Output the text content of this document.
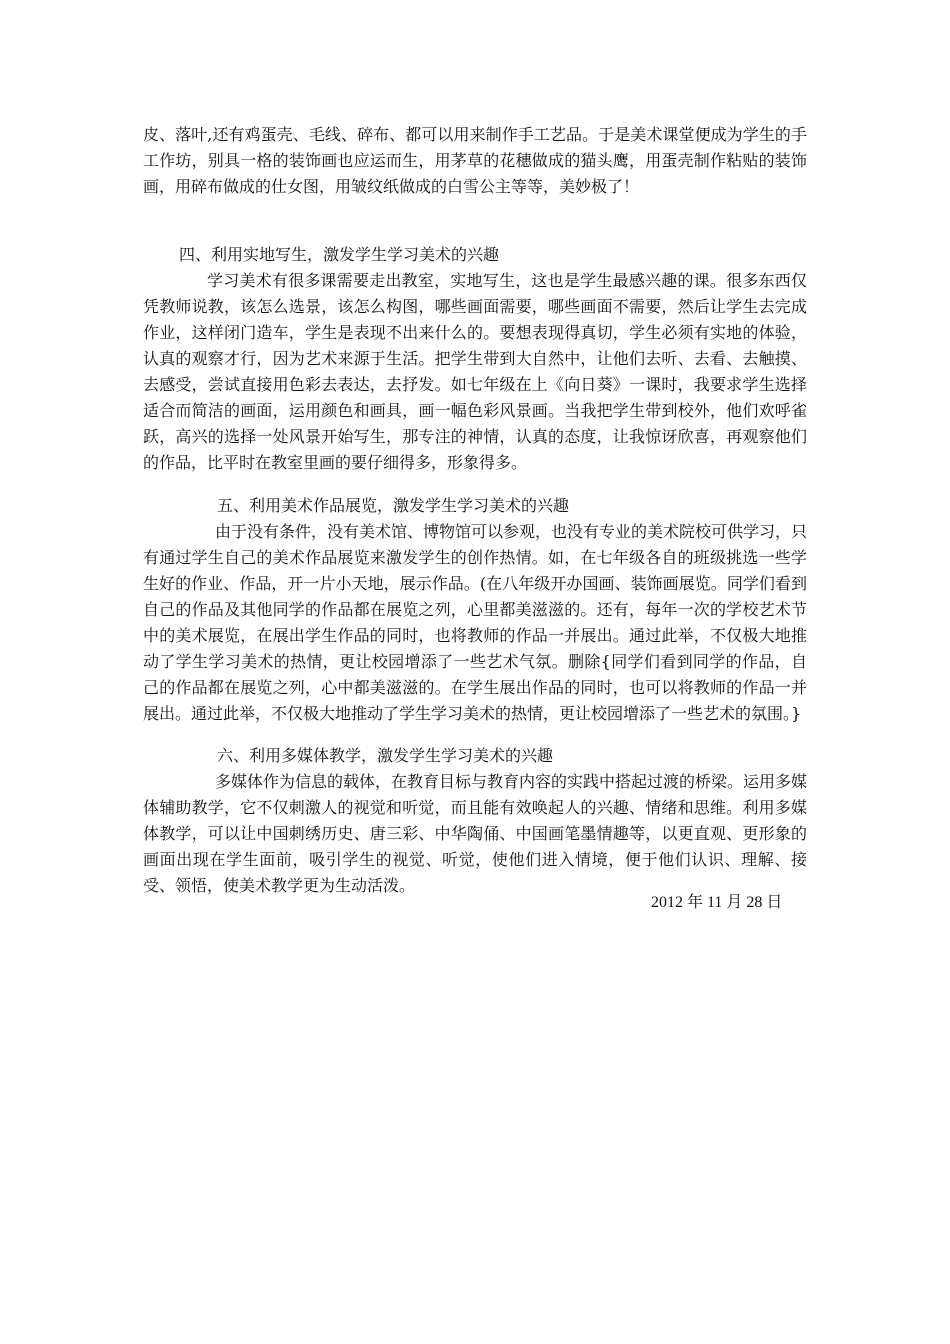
皮、落叶,还有鸡蛋壳、毛线、碎布、都可以用来制作手工艺品。于是美术课堂便成为学生的手工作坊，别具一格的装饰画也应运而生，用茅草的花穗做成的猫头鹰，用蛋壳制作粘贴的装饰画，用碎布做成的仕女图，用皱纹纸做成的白雪公主等等，美妙极了！

四、利用实地写生，激发学生学习美术的兴趣

学习美术有很多课需要走出教室，实地写生，这也是学生最感兴趣的课。很多东西仅凭教师说教，该怎么选景，该怎么构图，哪些画面需要，哪些画面不需要，然后让学生去完成作业，这样闭门造车，学生是表现不出来什么的。要想表现得真切，学生必须有实地的体验，认真的观察才行，因为艺术来源于生活。把学生带到大自然中，让他们去听、去看、去触摸、去感受，尝试直接用色彩去表达，去抒发。如七年级在上《向日葵》一课时，我要求学生选择适合而简洁的画面，运用颜色和画具，画一幅色彩风景画。当我把学生带到校外，他们欢呼雀跃，高兴的选择一处风景开始写生，那专注的神情，认真的态度，让我惊讶欣喜，再观察他们的作品，比平时在教室里画的要仔细得多，形象得多。

五、利用美术作品展览，激发学生学习美术的兴趣

由于没有条件，没有美术馆、博物馆可以参观，也没有专业的美术院校可供学习，只有通过学生自己的美术作品展览来激发学生的创作热情。如，在七年级各自的班级挑选一些学生好的作业、作品，开一片小天地，展示作品。(在八年级开办国画、装饰画展览。同学们看到自己的作品及其他同学的作品都在展览之列，心里都美滋滋的。还有，每年一次的学校艺术节中的美术展览，在展出学生作品的同时，也将教师的作品一并展出。通过此举，不仅极大地推动了学生学习美术的热情，更让校园增添了一些艺术气氛。删除{同学们看到同学的作品，自己的作品都在展览之列，心中都美滋滋的。在学生展出作品的同时，也可以将教师的作品一并展出。通过此举，不仅极大地推动了学生学习美术的热情，更让校园增添了一些艺术的氛围。}

六、利用多媒体教学，激发学生学习美术的兴趣

多媒体作为信息的载体，在教育目标与教育内容的实践中搭起过渡的桥梁。运用多媒体辅助教学，它不仅刺激人的视觉和听觉，而且能有效唤起人的兴趣、情绪和思维。利用多媒体教学，可以让中国刺绣历史、唐三彩、中华陶俑、中国画笔墨情趣等，以更直观、更形象的画面出现在学生面前，吸引学生的视觉、听觉，使他们进入情境，便于他们认识、理解、接受、领悟，使美术教学更为生动活泼。

2012 年 11 月 28 日
